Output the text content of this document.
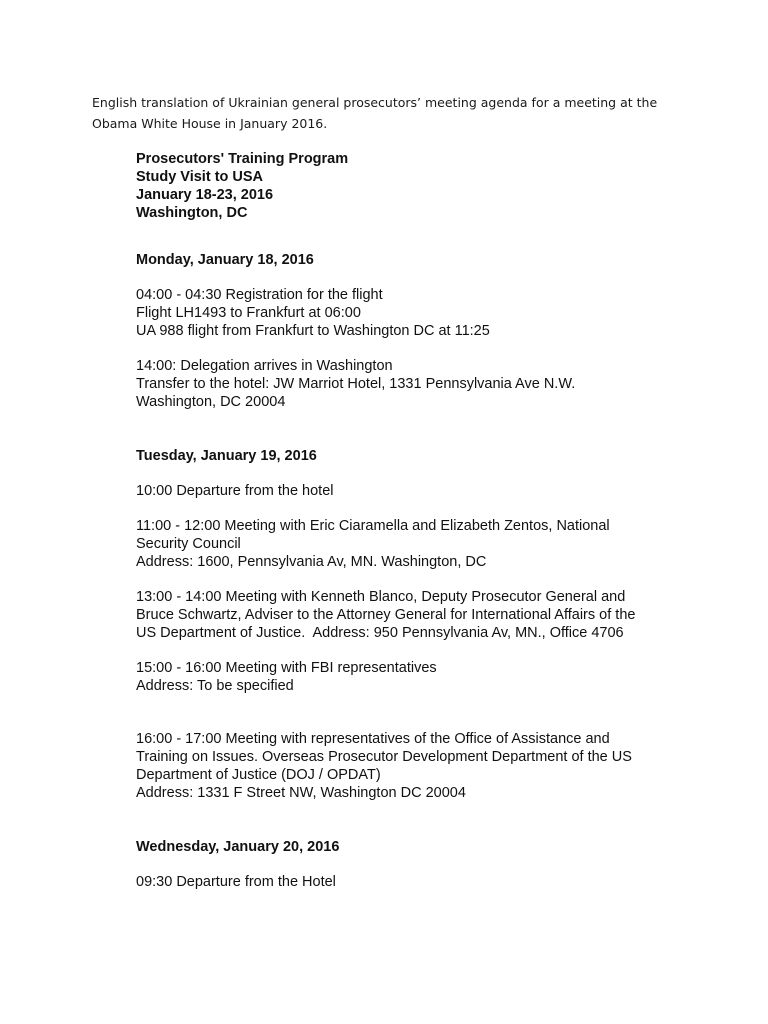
English translation of Ukrainian general prosecutors’ meeting agenda for a meeting at the
Obama White House in January 2016.
Prosecutors' Training Program
Study Visit to USA
January 18-23, 2016
Washington, DC
Monday, January 18, 2016
04:00 - 04:30 Registration for the flight
Flight LH1493 to Frankfurt at 06:00
UA 988 flight from Frankfurt to Washington DC at 11:25
14:00: Delegation arrives in Washington
Transfer to the hotel: JW Marriot Hotel, 1331 Pennsylvania Ave N.W.
Washington, DC 20004
Tuesday, January 19, 2016
10:00 Departure from the hotel
11:00 - 12:00 Meeting with Eric Ciaramella and Elizabeth Zentos, National
Security Council
Address: 1600, Pennsylvania Av, MN. Washington, DC
13:00 - 14:00 Meeting with Kenneth Blanco, Deputy Prosecutor General and
Bruce Schwartz, Adviser to the Attorney General for International Affairs of the
US Department of Justice.  Address: 950 Pennsylvania Av, MN., Office 4706
15:00 - 16:00 Meeting with FBI representatives
Address: To be specified
16:00 - 17:00 Meeting with representatives of the Office of Assistance and
Training on Issues. Overseas Prosecutor Development Department of the US
Department of Justice (DOJ / OPDAT)
Address: 1331 F Street NW, Washington DC 20004
Wednesday, January 20, 2016
09:30 Departure from the Hotel
